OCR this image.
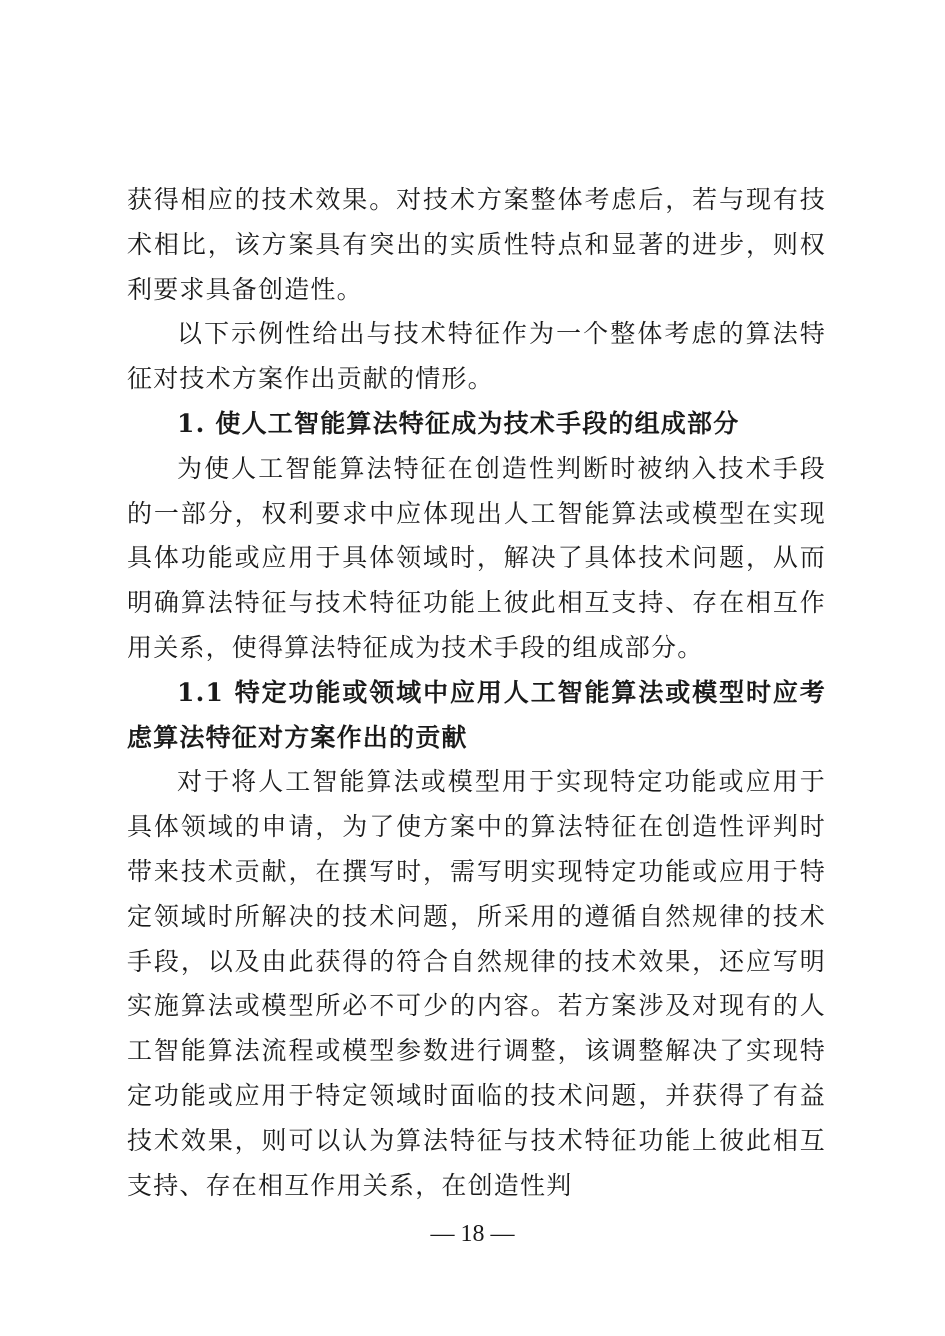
获得相应的技术效果。对技术方案整体考虑后，若与现有技术相比，该方案具有突出的实质性特点和显著的进步，则权利要求具备创造性。

以下示例性给出与技术特征作为一个整体考虑的算法特征对技术方案作出贡献的情形。

1. 使人工智能算法特征成为技术手段的组成部分

为使人工智能算法特征在创造性判断时被纳入技术手段的一部分，权利要求中应体现出人工智能算法或模型在实现具体功能或应用于具体领域时，解决了具体技术问题，从而明确算法特征与技术特征功能上彼此相互支持、存在相互作用关系，使得算法特征成为技术手段的组成部分。

1.1 特定功能或领域中应用人工智能算法或模型时应考虑算法特征对方案作出的贡献

对于将人工智能算法或模型用于实现特定功能或应用于具体领域的申请，为了使方案中的算法特征在创造性评判时带来技术贡献，在撰写时，需写明实现特定功能或应用于特定领域时所解决的技术问题，所采用的遵循自然规律的技术手段，以及由此获得的符合自然规律的技术效果，还应写明实施算法或模型所必不可少的内容。若方案涉及对现有的人工智能算法流程或模型参数进行调整，该调整解决了实现特定功能或应用于特定领域时面临的技术问题，并获得了有益技术效果，则可以认为算法特征与技术特征功能上彼此相互支持、存在相互作用关系，在创造性判

— 18 —
